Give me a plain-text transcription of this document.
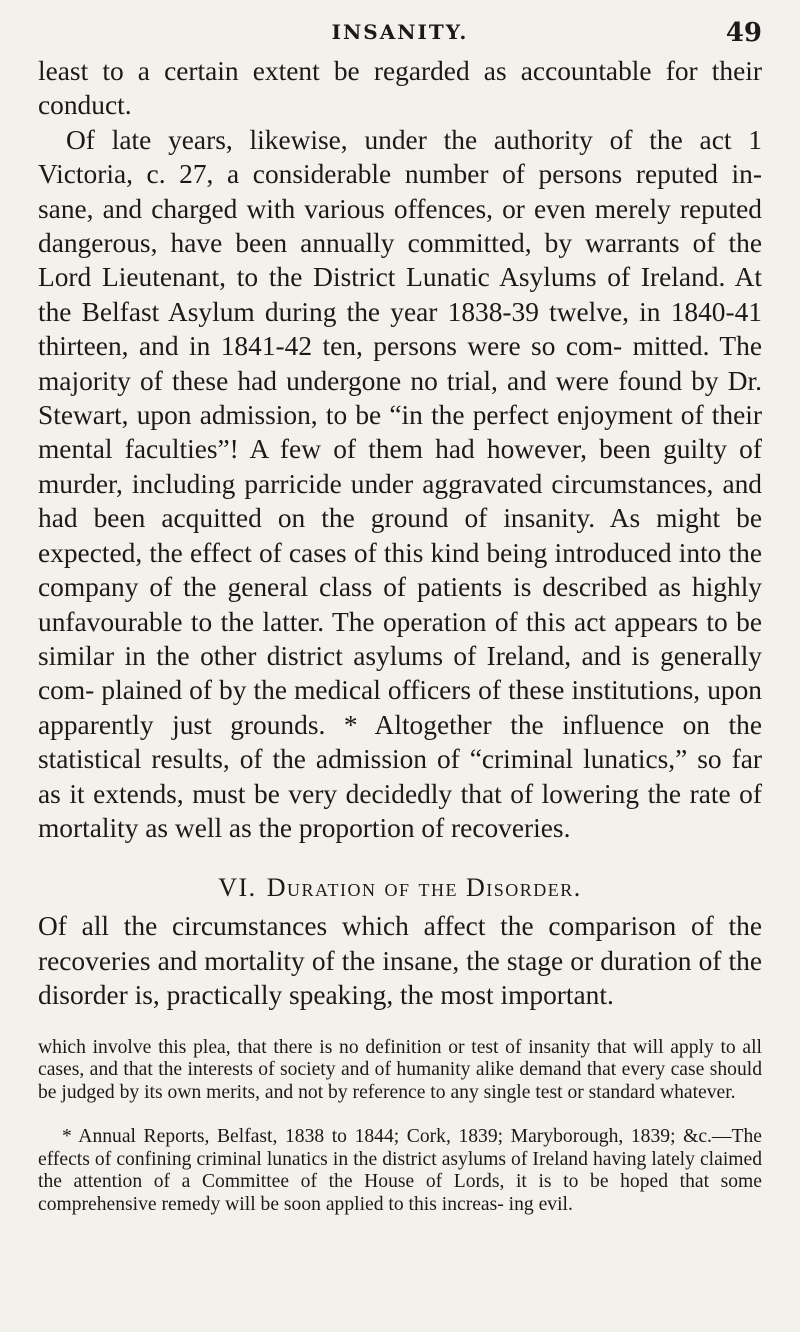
INSANITY.	49

least to a certain extent be regarded as accountable for their conduct.

Of late years, likewise, under the authority of the act 1 Victoria, c. 27, a considerable number of persons reputed in- sane, and charged with various offences, or even merely reputed dangerous, have been annually committed, by warrants of the Lord Lieutenant, to the District Lunatic Asylums of Ireland. At the Belfast Asylum during the year 1838-39 twelve, in 1840-41 thirteen, and in 1841-42 ten, persons were so com- mitted. The majority of these had undergone no trial, and were found by Dr. Stewart, upon admission, to be “in the perfect enjoyment of their mental faculties”! A few of them had however, been guilty of murder, including parricide under aggravated circumstances, and had been acquitted on the ground of insanity. As might be expected, the effect of cases of this kind being introduced into the company of the general class of patients is described as highly unfavourable to the latter. The operation of this act appears to be similar in the other district asylums of Ireland, and is generally com- plained of by the medical officers of these institutions, upon apparently just grounds. * Altogether the influence on the statistical results, of the admission of “criminal lunatics,” so far as it extends, must be very decidedly that of lowering the rate of mortality as well as the proportion of recoveries.

VI. Duration of the Disorder.

Of all the circumstances which affect the comparison of the recoveries and mortality of the insane, the stage or duration of the disorder is, practically speaking, the most important.

which involve this plea, that there is no definition or test of insanity that will apply to all cases, and that the interests of society and of humanity alike demand that every case should be judged by its own merits, and not by reference to any single test or standard whatever.

* Annual Reports, Belfast, 1838 to 1844; Cork, 1839; Maryborough, 1839; &c.—The effects of confining criminal lunatics in the district asylums of Ireland having lately claimed the attention of a Committee of the House of Lords, it is to be hoped that some comprehensive remedy will be soon applied to this increas- ing evil.
